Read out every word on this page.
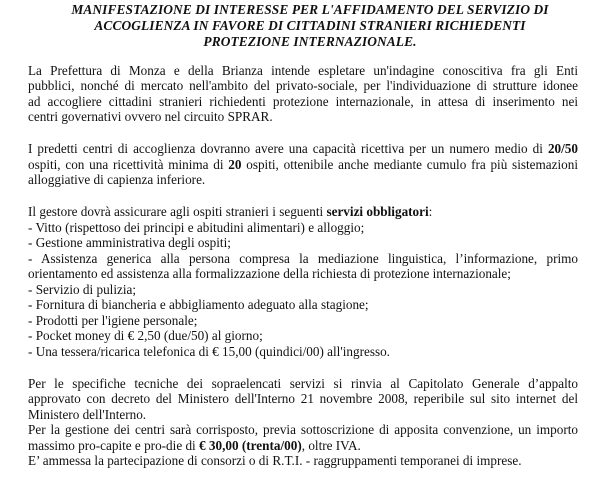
MANIFESTAZIONE DI INTERESSE PER L'AFFIDAMENTO DEL SERVIZIO DI
ACCOGLIENZA IN FAVORE DI CITTADINI STRANIERI RICHIEDENTI
PROTEZIONE INTERNAZIONALE.
La Prefettura di Monza e della Brianza intende espletare un'indagine conoscitiva fra gli Enti
pubblici, nonché di mercato nell'ambito del privato-sociale, per l'individuazione di strutture idonee
ad accogliere cittadini stranieri richiedenti protezione internazionale, in attesa di inserimento nei
centri governativi ovvero nel circuito SPRAR.
I predetti centri di accoglienza dovranno avere una capacità ricettiva per un numero medio di 20/50
ospiti, con una ricettività minima di 20 ospiti, ottenibile anche mediante cumulo fra più sistemazioni
alloggiative di capienza inferiore.
Il gestore dovrà assicurare agli ospiti stranieri i seguenti servizi obbligatori:
- Vitto (rispettoso dei principi e abitudini alimentari) e alloggio;
- Gestione amministrativa degli ospiti;
- Assistenza generica alla persona compresa la mediazione linguistica, l’informazione, primo
orientamento ed assistenza alla formalizzazione della richiesta di protezione internazionale;
- Servizio di pulizia;
- Fornitura di biancheria e abbigliamento adeguato alla stagione;
- Prodotti per l'igiene personale;
- Pocket money di € 2,50 (due/50) al giorno;
- Una tessera/ricarica telefonica di € 15,00 (quindici/00) all'ingresso.
Per le specifiche tecniche dei sopraelencati servizi si rinvia al Capitolato Generale d’appalto
approvato con decreto del Ministero dell'Interno 21 novembre 2008, reperibile sul sito internet del
Ministero dell'Interno.
Per la gestione dei centri sarà corrisposto, previa sottoscrizione di apposita convenzione, un importo
massimo pro-capite e pro-die di € 30,00 (trenta/00), oltre IVA.
E’ ammessa la partecipazione di consorzi o di R.T.I. - raggruppamenti temporanei di imprese.
